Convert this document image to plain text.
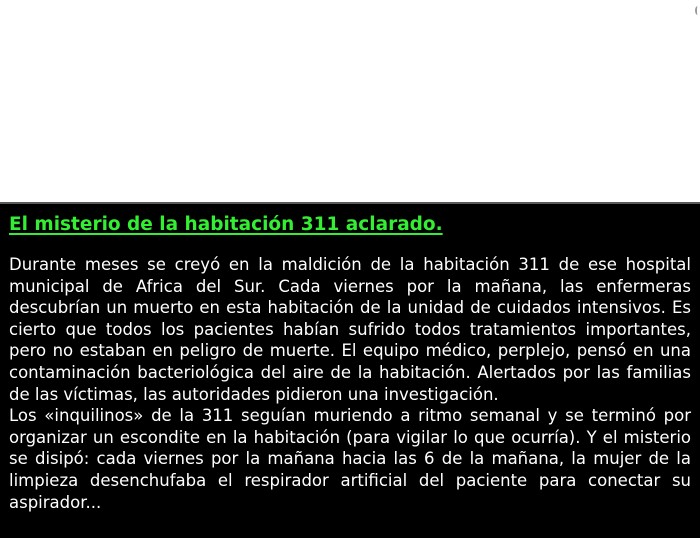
El misterio de la habitación 311 aclarado.

Durante meses se creyó en la maldición de la habitación 311 de ese hospital municipal de Africa del Sur. Cada viernes por la mañana, las enfermeras descubrían un muerto en esta habitación de la unidad de cuidados intensivos. Es cierto que todos los pacientes habían sufrido todos tratamientos importantes, pero no estaban en peligro de muerte. El equipo médico, perplejo, pensó en una contaminación bacteriológica del aire de la habitación. Alertados por las familias de las víctimas, las autoridades pidieron una investigación.

Los «inquilinos» de la 311 seguían muriendo a ritmo semanal y se terminó por organizar un escondite en la habitación (para vigilar lo que ocurría). Y el misterio se disipó: cada viernes por la mañana hacia las 6 de la mañana, la mujer de la limpieza desenchufaba el respirador artificial del paciente para conectar su aspirador...
